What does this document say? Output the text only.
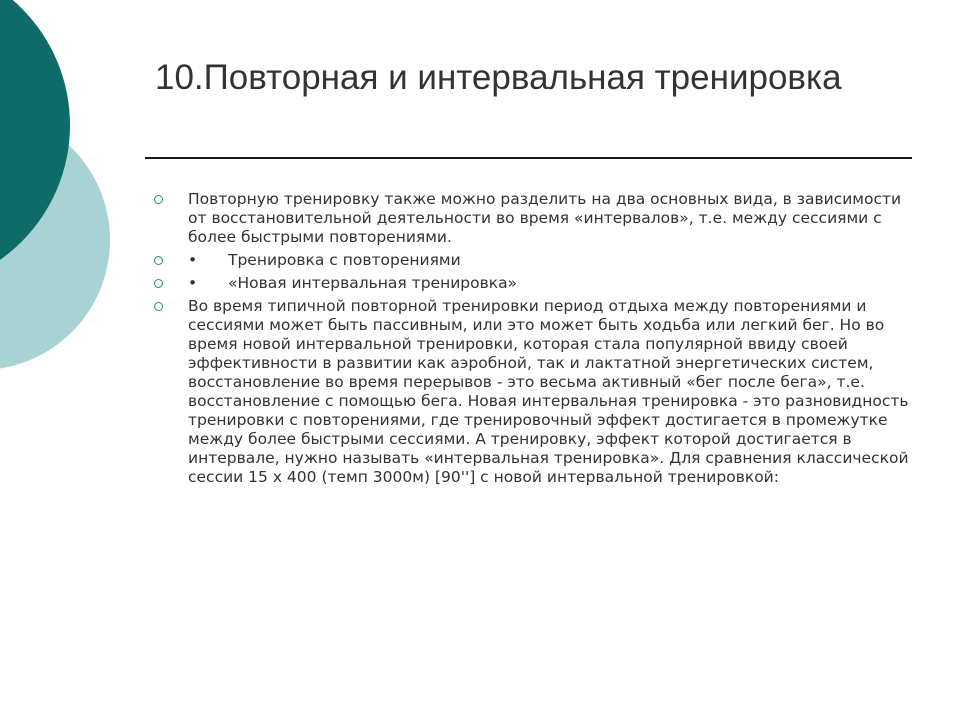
10.Повторная и интервальная тренировка
Повторную тренировку также можно разделить на два основных вида, в зависимости от восстановительной деятельности во время «интервалов», т.е. между сессиями с более быстрыми повторениями.
• Тренировка с повторениями
• «Новая интервальная тренировка»
Во время типичной повторной тренировки период отдыха между повторениями и сессиями может быть пассивным, или это может быть ходьба или легкий бег. Но во время новой интервальной тренировки, которая стала популярной ввиду своей эффективности в развитии как аэробной, так и лактатной энергетических систем, восстановление во время перерывов - это весьма активный «бег после бега», т.е. восстановление с помощью бега. Новая интервальная тренировка - это разновидность тренировки с повторениями, где тренировочный эффект достигается в промежутке между более быстрыми сессиями. А тренировку, эффект которой достигается в интервале, нужно называть «интервальная тренировка». Для сравнения классической сессии 15 х 400 (темп 3000м) [90''] с новой интервальной тренировкой:
